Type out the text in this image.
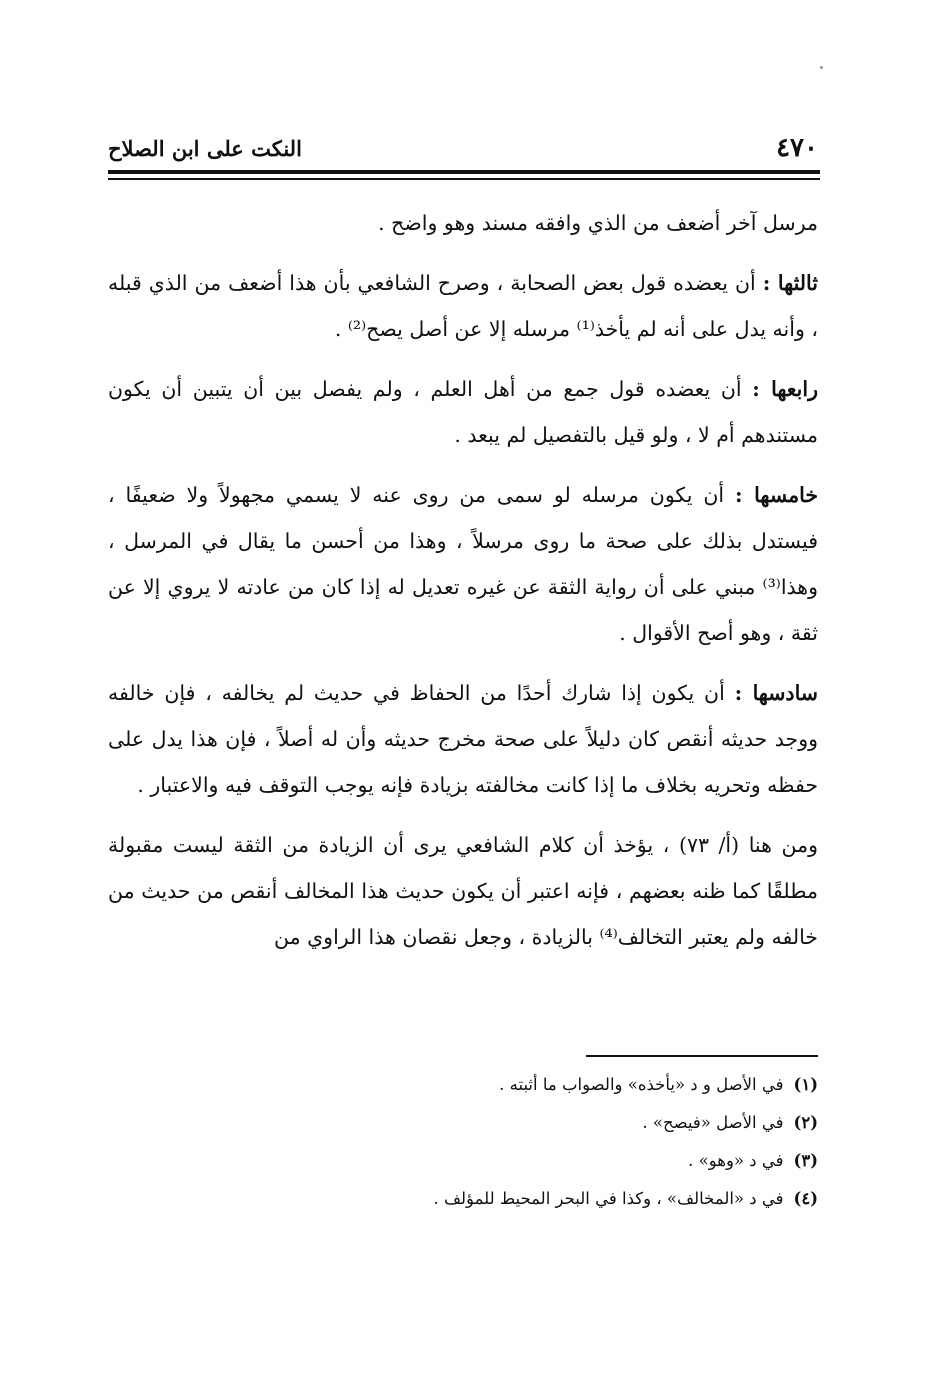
٤٧٠
النكت على ابن الصلاح

مرسل آخر أضعف من الذي وافقه مسند وهو واضح .

ثالثها : أن يعضده قول بعض الصحابة ، وصرح الشافعي بأن هذا أضعف من الذي قبله ، وأنه يدل على أنه لم يأخذ⁽¹⁾ مرسله إلا عن أصل يصح⁽²⁾ .

رابعها : أن يعضده قول جمع من أهل العلم ، ولم يفصل بين أن يتبين أن يكون مستندهم أم لا ، ولو قيل بالتفصيل لم يبعد .

خامسها : أن يكون مرسله لو سمى من روى عنه لا يسمي مجهولاً ولا ضعيفًا ، فيستدل بذلك على صحة ما روى مرسلاً ، وهذا من أحسن ما يقال في المرسل ، وهذا⁽³⁾ مبني على أن رواية الثقة عن غيره تعديل له إذا كان من عادته لا يروي إلا عن ثقة ، وهو أصح الأقوال .

سادسها : أن يكون إذا شارك أحدًا من الحفاظ في حديث لم يخالفه ، فإن خالفه ووجد حديثه أنقص كان دليلاً على صحة مخرج حديثه وأن له أصلاً ، فإن هذا يدل على حفظه وتحريه بخلاف ما إذا كانت مخالفته بزيادة فإنه يوجب التوقف فيه والاعتبار .

ومن هنا (أ/ ٧٣) ، يؤخذ أن كلام الشافعي يرى أن الزيادة من الثقة ليست مقبولة مطلقًا كما ظنه بعضهم ، فإنه اعتبر أن يكون حديث هذا المخالف أنقص من حديث من خالفه ولم يعتبر التخالف⁽⁴⁾ بالزيادة ، وجعل نقصان هذا الراوي من

(١)في الأصل و د «يأخذه» والصواب ما أثبته .
(٢)في الأصل «فيصح» .
(٣)في د «وهو» .
(٤)في د «المخالف» ، وكذا في البحر المحيط للمؤلف .
